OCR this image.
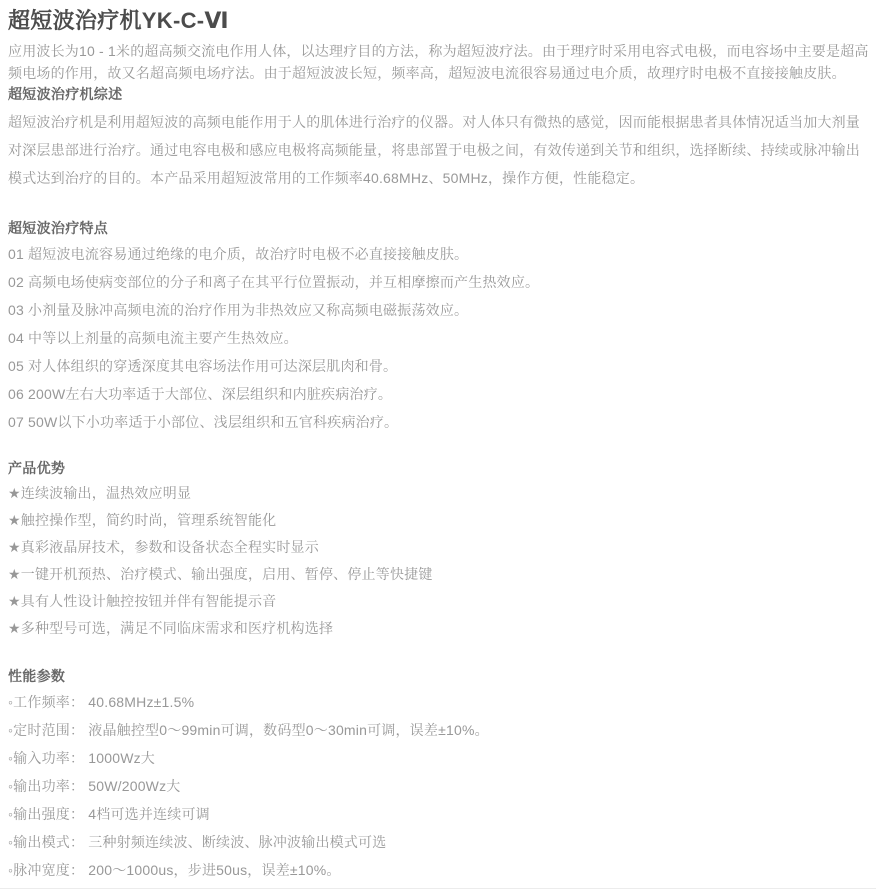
超短波治疗机YK-C-Ⅵ

应用波长为10 - 1米的超高频交流电作用人体，以达理疗目的方法，称为超短波疗法。由于理疗时采用电容式电极，而电容场中主要是超高频电场的作用，故又名超高频电场疗法。由于超短波波长短，频率高，超短波电流很容易通过电介质，故理疗时电极不直接接触皮肤。

超短波治疗机综述

超短波治疗机是利用超短波的高频电能作用于人的肌体进行治疗的仪器。对人体只有微热的感觉，因而能根据患者具体情况适当加大剂量对深层患部进行治疗。通过电容电极和感应电极将高频能量，将患部置于电极之间，有效传递到关节和组织，选择断续、持续或脉冲输出模式达到治疗的目的。本产品采用超短波常用的工作频率40.68MHz、50MHz，操作方便，性能稳定。

超短波治疗特点

01 超短波电流容易通过绝缘的电介质，故治疗时电极不必直接接触皮肤。

02 高频电场使病变部位的分子和离子在其平行位置振动，并互相摩擦而产生热效应。

03 小剂量及脉冲高频电流的治疗作用为非热效应又称高频电磁振荡效应。

04 中等以上剂量的高频电流主要产生热效应。

05 对人体组织的穿透深度其电容场法作用可达深层肌肉和骨。

06 200W左右大功率适于大部位、深层组织和内脏疾病治疗。

07 50W以下小功率适于小部位、浅层组织和五官科疾病治疗。

产品优势

★连续波输出，温热效应明显

★触控操作型，简约时尚，管理系统智能化

★真彩液晶屏技术，参数和设备状态全程实时显示

★一键开机预热、治疗模式、输出强度，启用、暂停、停止等快捷键

★具有人性设计触控按钮并伴有智能提示音

★多种型号可选，满足不同临床需求和医疗机构选择

性能参数

◦工作频率： 40.68MHz±1.5%

◦定时范围： 液晶触控型0～99min可调，数码型0～30min可调，误差±10%。

◦输入功率： 1000Wz大

◦输出功率： 50W/200Wz大

◦输出强度： 4档可选并连续可调

◦输出模式： 三种射频连续波、断续波、脉冲波输出模式可选

◦脉冲宽度： 200～1000us，步进50us，误差±10%。
